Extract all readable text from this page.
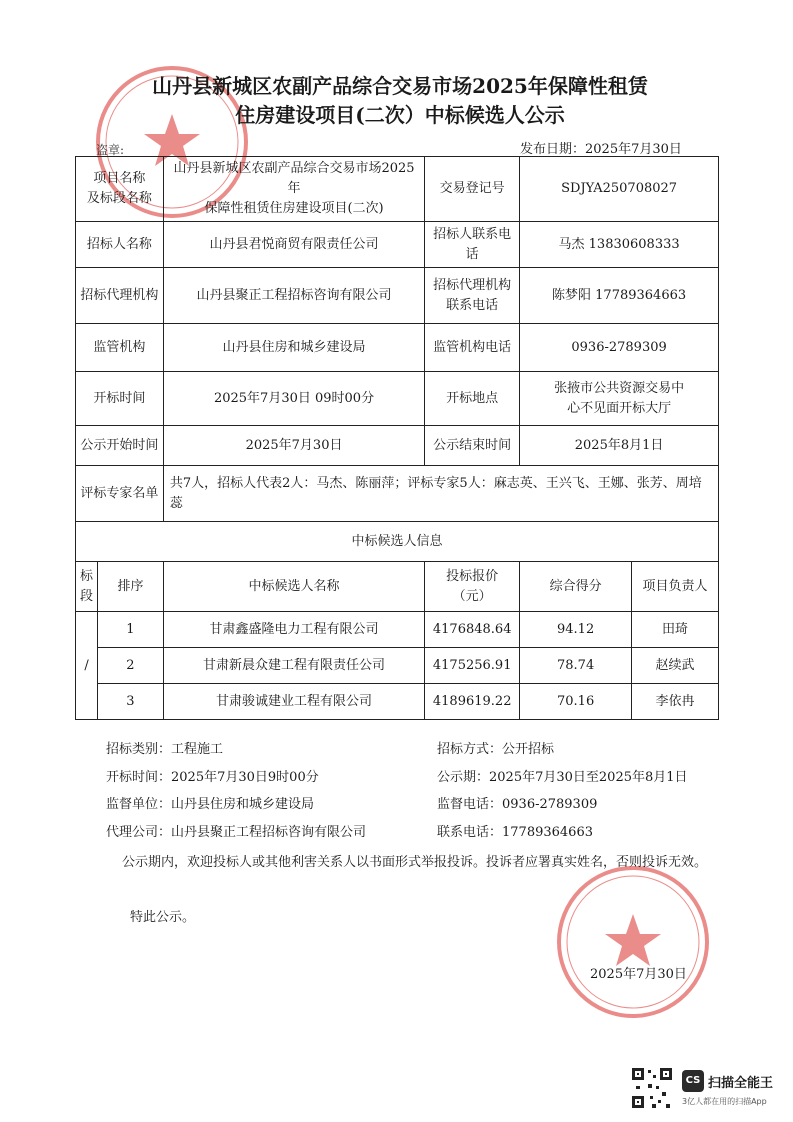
山丹县新城区农副产品综合交易市场2025年保障性租赁
住房建设项目(二次）中标候选人公示
盗章:	发布日期：2025年7月30日
项目名称
及标段名称		山丹县新城区农副产品综合交易市场2025年
保障性租赁住房建设项目(二次)	交易登记号	SDJYA250708027	
招标人名称		山丹县君悦商贸有限责任公司	招标人联系电话	马杰 13830608333	
招标代理机构		山丹县聚正工程招标咨询有限公司	招标代理机构
联系电话	陈梦阳 17789364663	
监管机构		山丹县住房和城乡建设局	监管机构电话	0936-2789309	
开标时间		2025年7月30日 09时00分	开标地点	张掖市公共资源交易中
心不见面开标大厅	
公示开始时间		2025年7月30日	公示结束时间	2025年8月1日	
评标专家名单		共7人，招标人代表2人：马杰、陈丽萍；评标专家5人：麻志英、王兴飞、王娜、张芳、周培蕊			
中标候选人信息					
标段	排序	中标候选人名称	投标报价
（元）	综合得分	项目负责人
/	1	甘肃鑫盛隆电力工程有限公司	4176848.64	94.12	田琦
	2	甘肃新晨众建工程有限责任公司	4175256.91	78.74	赵续武
	3	甘肃骏诚建业工程有限公司	4189619.22	70.16	李依冉
招标类别：工程施工	招标方式：公开招标
开标时间：2025年7月30日9时00分	公示期：2025年7月30日至2025年8月1日
监督单位：山丹县住房和城乡建设局	监督电话：0936-2789309
代理公司：山丹县聚正工程招标咨询有限公司	联系电话：17789364663
公示期内，欢迎投标人或其他利害关系人以书面形式举报投诉。投诉者应署真实姓名，否则投诉无效。
特此公示。
2025年7月30日
CS 扫描全能王
3亿人都在用的扫描App
